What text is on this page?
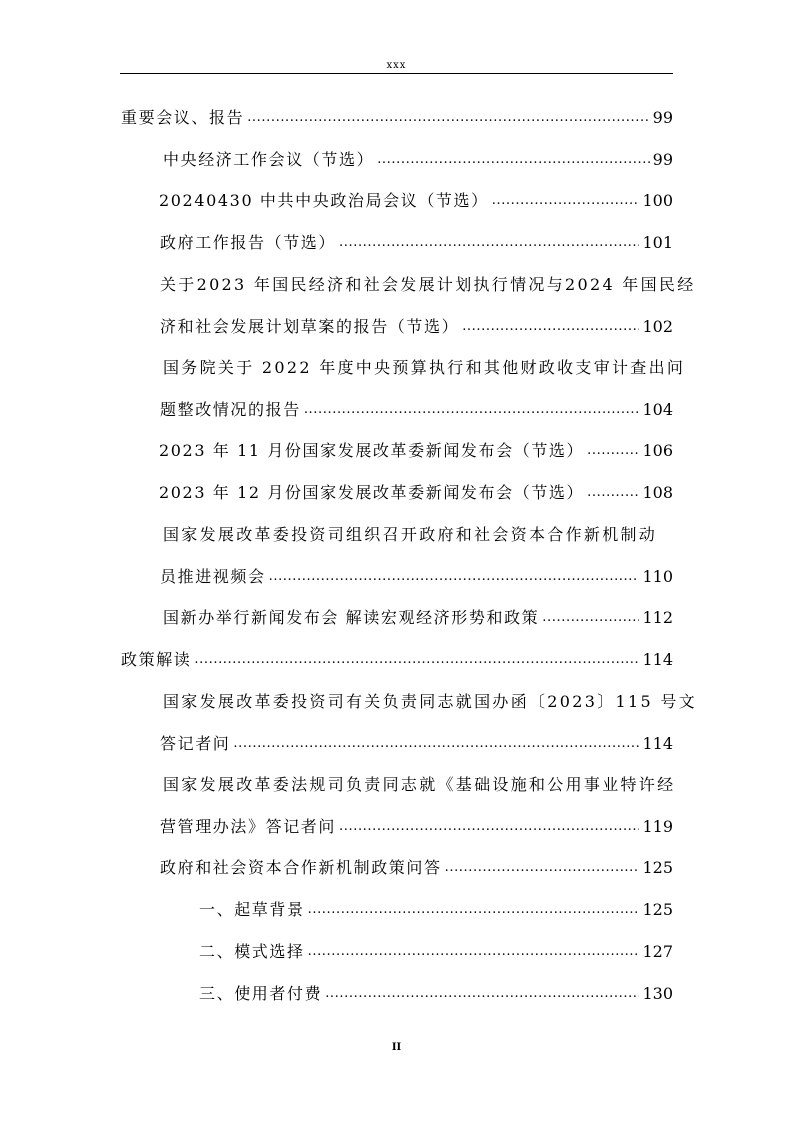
xxx
重要会议、报告 .....	99
中央经济工作会议（节选） .....	99
20240430 中共中央政治局会议（节选） .....	100
政府工作报告（节选） .....	101
关于2023 年国民经济和社会发展计划执行情况与2024 年国民经
济和社会发展计划草案的报告（节选） .....	102
国务院关于 2022 年度中央预算执行和其他财政收支审计查出问
题整改情况的报告 .....	104
2023 年 11 月份国家发展改革委新闻发布会（节选） .....	106
2023 年 12 月份国家发展改革委新闻发布会（节选） .....	108
国家发展改革委投资司组织召开政府和社会资本合作新机制动
员推进视频会 .....	110
国新办举行新闻发布会 解读宏观经济形势和政策 .....	112
政策解读 .....	114
国家发展改革委投资司有关负责同志就国办函〔2023〕115 号文
答记者问 .....	114
国家发展改革委法规司负责同志就《基础设施和公用事业特许经
营管理办法》答记者问 .....	119
政府和社会资本合作新机制政策问答 .....	125
一、起草背景 .....	125
二、模式选择 .....	127
三、使用者付费 .....	130
II
